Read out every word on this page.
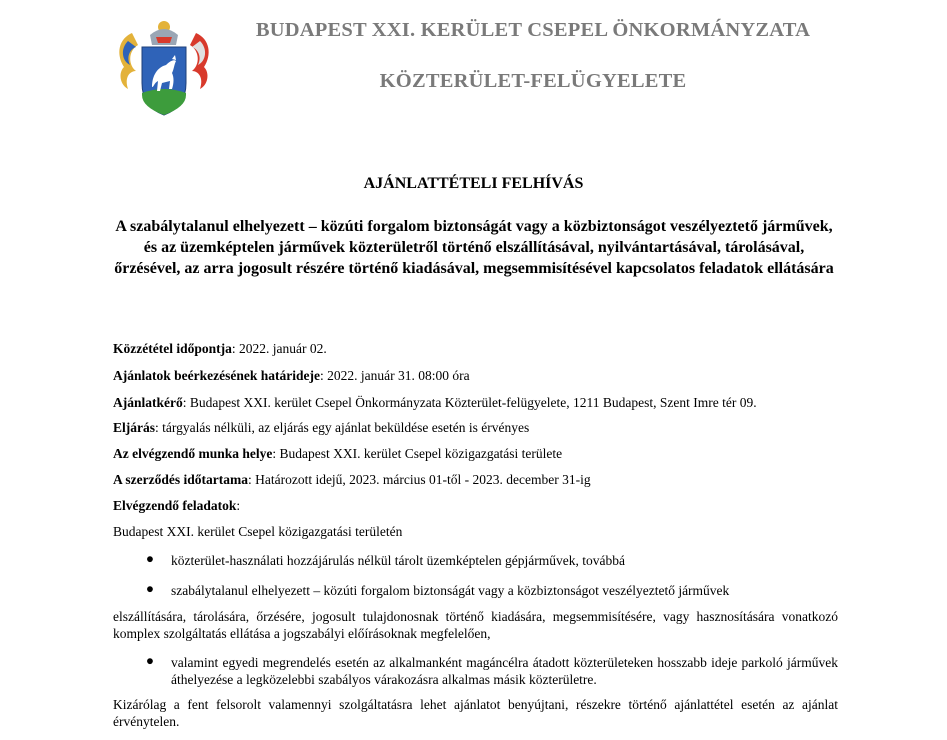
BUDAPEST XXI. KERÜLET CSEPEL ÖNKORMÁNYZATA
KÖZTERÜLET-FELÜGYELETE
AJÁNLATTÉTELI FELHÍVÁS
A szabálytalanul elhelyezett – közúti forgalom biztonságát vagy a közbiztonságot veszélyeztető járművek, és az üzemképtelen járművek közterületről történő elszállításával, nyilvántartásával, tárolásával, őrzésével, az arra jogosult részére történő kiadásával, megsemmisítésével kapcsolatos feladatok ellátására
Közzététel időpontja: 2022. január 02.
Ajánlatok beérkezésének határideje: 2022. január 31. 08:00 óra
Ajánlatkérő: Budapest XXI. kerület Csepel Önkormányzata Közterület-felügyelete, 1211 Budapest, Szent Imre tér 09.
Eljárás: tárgyalás nélküli, az eljárás egy ajánlat beküldése esetén is érvényes
Az elvégzendő munka helye: Budapest XXI. kerület Csepel közigazgatási területe
A szerződés időtartama: Határozott idejű, 2023. március 01-től - 2023. december 31-ig
Elvégzendő feladatok:
Budapest XXI. kerület Csepel közigazgatási területén
● közterület-használati hozzájárulás nélkül tárolt üzemképtelen gépjárművek, továbbá
● szabálytalanul elhelyezett – közúti forgalom biztonságát vagy a közbiztonságot veszélyeztető járművek
elszállítására, tárolására, őrzésére, jogosult tulajdonosnak történő kiadására, megsemmisítésére, vagy hasznosítására vonatkozó komplex szolgáltatás ellátása a jogszabályi előírásoknak megfelelően,
● valamint egyedi megrendelés esetén az alkalmanként magáncélra átadott közterületeken hosszabb ideje parkoló járművek áthelyezése a legközelebbi szabályos várakozásra alkalmas másik közterületre.
Kizárólag a fent felsorolt valamennyi szolgáltatásra lehet ajánlatot benyújtani, részekre történő ajánlattétel esetén az ajánlat érvénytelen.
